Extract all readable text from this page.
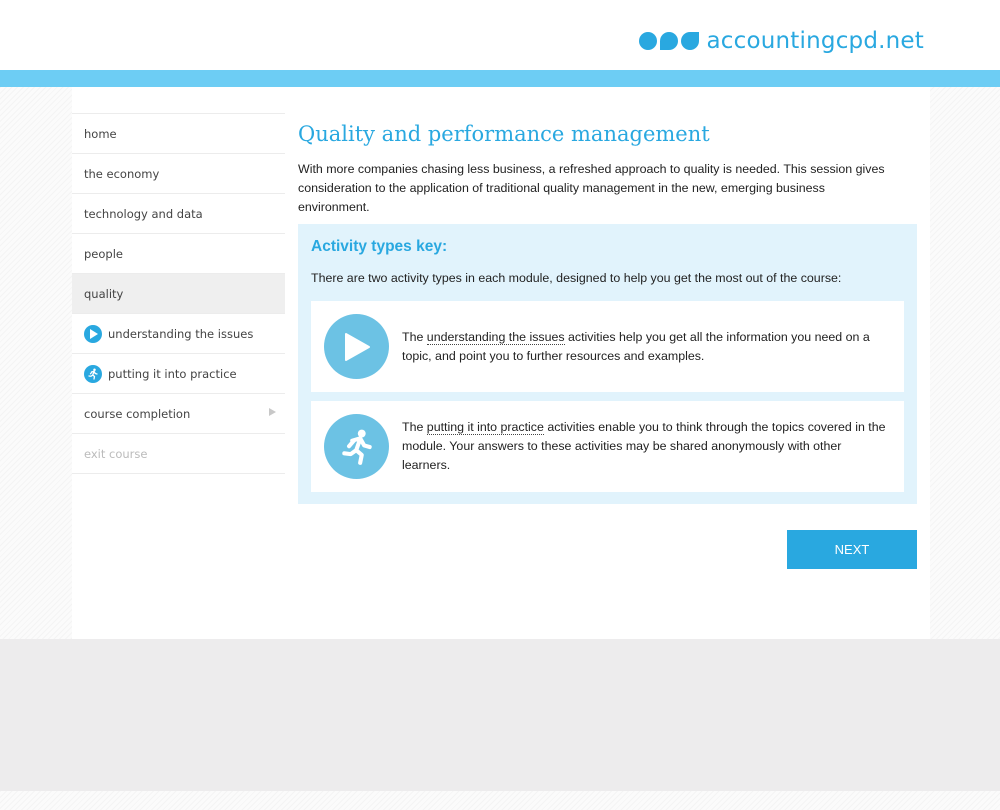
accountingcpd.net
home
the economy
technology and data
people
quality
understanding the issues
putting it into practice
course completion
exit course
Quality and performance management

With more companies chasing less business, a refreshed approach to quality is needed. This session gives consideration to the application of traditional quality management in the new, emerging business environment.

Activity types key:
There are two activity types in each module, designed to help you get the most out of the course:
The understanding the issues activities help you get all the information you need on a topic, and point you to further resources and examples.
The putting it into practice activities enable you to think through the topics covered in the module. Your answers to these activities may be shared anonymously with other learners.
NEXT
